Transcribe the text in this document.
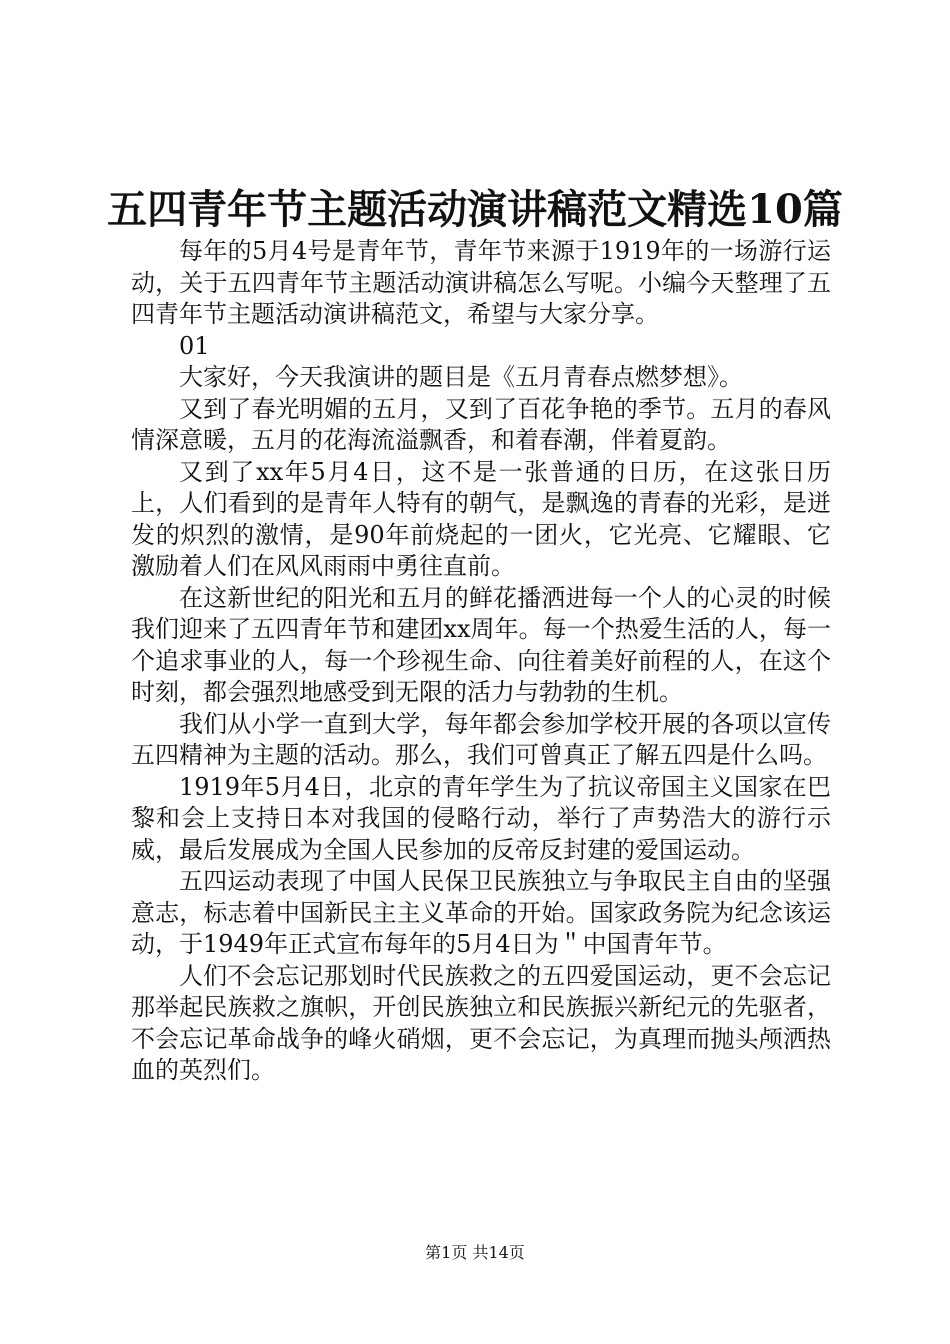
五四青年节主题活动演讲稿范文精选10篇

每年的5月4号是青年节，青年节来源于1919年的一场游行运动，关于五四青年节主题活动演讲稿怎么写呢。小编今天整理了五四青年节主题活动演讲稿范文，希望与大家分享。

01

大家好，今天我演讲的题目是《五月青春点燃梦想》。

又到了春光明媚的五月，又到了百花争艳的季节。五月的春风情深意暖，五月的花海流溢飘香，和着春潮，伴着夏韵。

又到了xx年5月4日，这不是一张普通的日历，在这张日历上，人们看到的是青年人特有的朝气，是飘逸的青春的光彩，是迸发的炽烈的激情，是90年前烧起的一团火，它光亮、它耀眼、它激励着人们在风风雨雨中勇往直前。

在这新世纪的阳光和五月的鲜花播洒进每一个人的心灵的时候我们迎来了五四青年节和建团xx周年。每一个热爱生活的人，每一个追求事业的人，每一个珍视生命、向往着美好前程的人，在这个时刻，都会强烈地感受到无限的活力与勃勃的生机。

我们从小学一直到大学，每年都会参加学校开展的各项以宣传五四精神为主题的活动。那么，我们可曾真正了解五四是什么吗。

1919年5月4日，北京的青年学生为了抗议帝国主义国家在巴黎和会上支持日本对我国的侵略行动，举行了声势浩大的游行示威，最后发展成为全国人民参加的反帝反封建的爱国运动。

五四运动表现了中国人民保卫民族独立与争取民主自由的坚强意志，标志着中国新民主主义革命的开始。国家政务院为纪念该运动，于1949年正式宣布每年的5月4日为＂中国青年节。

人们不会忘记那划时代民族救之的五四爱国运动，更不会忘记那举起民族救之旗帜，开创民族独立和民族振兴新纪元的先驱者，不会忘记革命战争的峰火硝烟，更不会忘记，为真理而抛头颅洒热血的英烈们。

第1页 共14页
